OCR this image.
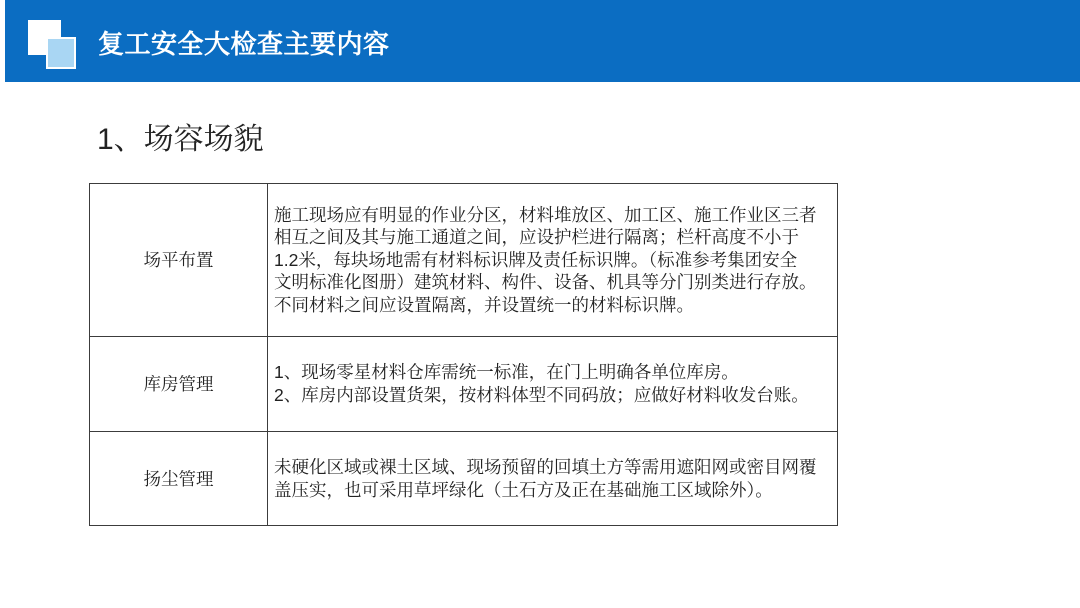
复工安全大检查主要内容
1、场容场貌
场平布置	施工现场应有明显的作业分区，材料堆放区、加工区、施工作业区三者
相互之间及其与施工通道之间，应设护栏进行隔离；栏杆高度不小于
1.2米，每块场地需有材料标识牌及责任标识牌。（标准参考集团安全
文明标准化图册）建筑材料、构件、设备、机具等分门别类进行存放。
不同材料之间应设置隔离，并设置统一的材料标识牌。

库房管理	1、现场零星材料仓库需统一标准，在门上明确各单位库房。
2、库房内部设置货架，按材料体型不同码放；应做好材料收发台账。

扬尘管理	未硬化区域或裸土区域、现场预留的回填土方等需用遮阳网或密目网覆
盖压实，也可采用草坪绿化（土石方及正在基础施工区域除外）。
